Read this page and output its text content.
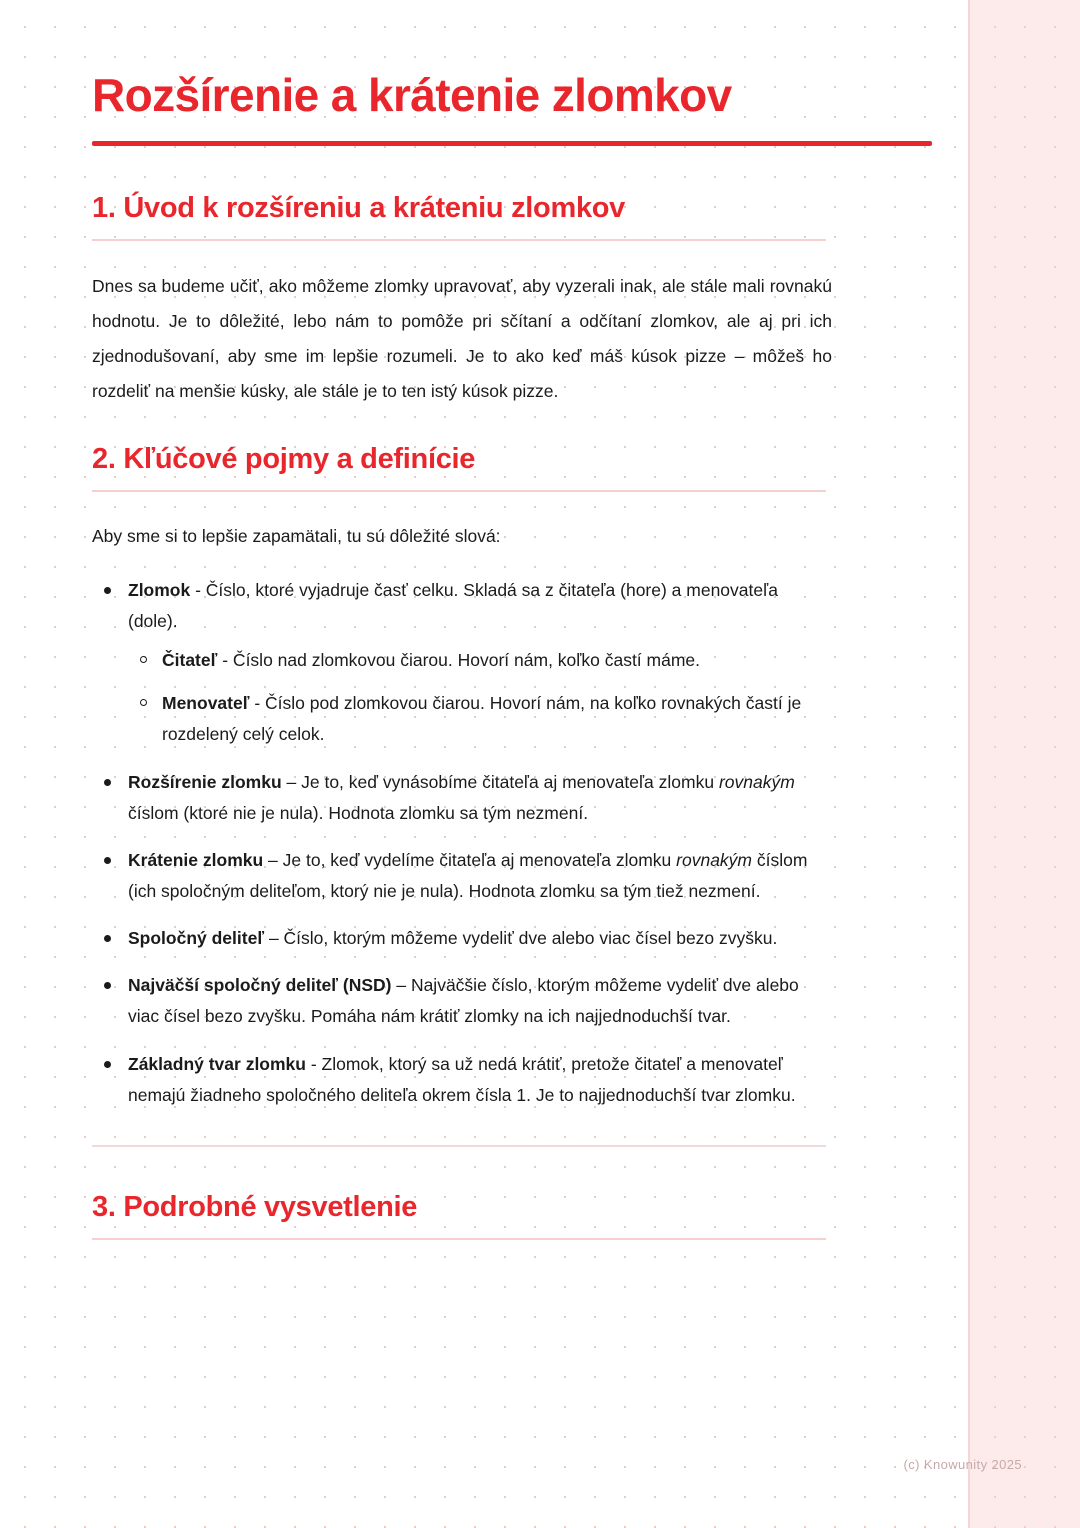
Rozšírenie a krátenie zlomkov
1. Úvod k rozšíreniu a kráteniu zlomkov

Dnes sa budeme učiť, ako môžeme zlomky upravovať, aby vyzerali inak, ale stále mali rovnakú hodnotu. Je to dôležité, lebo nám to pomôže pri sčítaní a odčítaní zlomkov, ale aj pri ich zjednodušovaní, aby sme im lepšie rozumeli. Je to ako keď máš kúsok pizze – môžeš ho rozdeliť na menšie kúsky, ale stále je to ten istý kúsok pizze.

2. Kľúčové pojmy a definície

Aby sme si to lepšie zapamätali, tu sú dôležité slová:

Zlomok - Číslo, ktoré vyjadruje časť celku. Skladá sa z čitateľa (hore) a menovateľa (dole).
Čitateľ - Číslo nad zlomkovou čiarou. Hovorí nám, koľko častí máme.
Menovateľ - Číslo pod zlomkovou čiarou. Hovorí nám, na koľko rovnakých častí je rozdelený celý celok.
Rozšírenie zlomku – Je to, keď vynásobíme čitateľa aj menovateľa zlomku rovnakým číslom (ktoré nie je nula). Hodnota zlomku sa tým nezmení.
Krátenie zlomku – Je to, keď vydelíme čitateľa aj menovateľa zlomku rovnakým číslom (ich spoločným deliteľom, ktorý nie je nula). Hodnota zlomku sa tým tiež nezmení.
Spoločný deliteľ – Číslo, ktorým môžeme vydeliť dve alebo viac čísel bezo zvyšku.
Najväčší spoločný deliteľ (NSD) – Najväčšie číslo, ktorým môžeme vydeliť dve alebo viac čísel bezo zvyšku. Pomáha nám krátiť zlomky na ich najjednoduchší tvar.
Základný tvar zlomku - Zlomok, ktorý sa už nedá krátiť, pretože čitateľ a menovateľ nemajú žiadneho spoločného deliteľa okrem čísla 1. Je to najjednoduchší tvar zlomku.
3. Podrobné vysvetlenie
(c) Knowunity 2025
